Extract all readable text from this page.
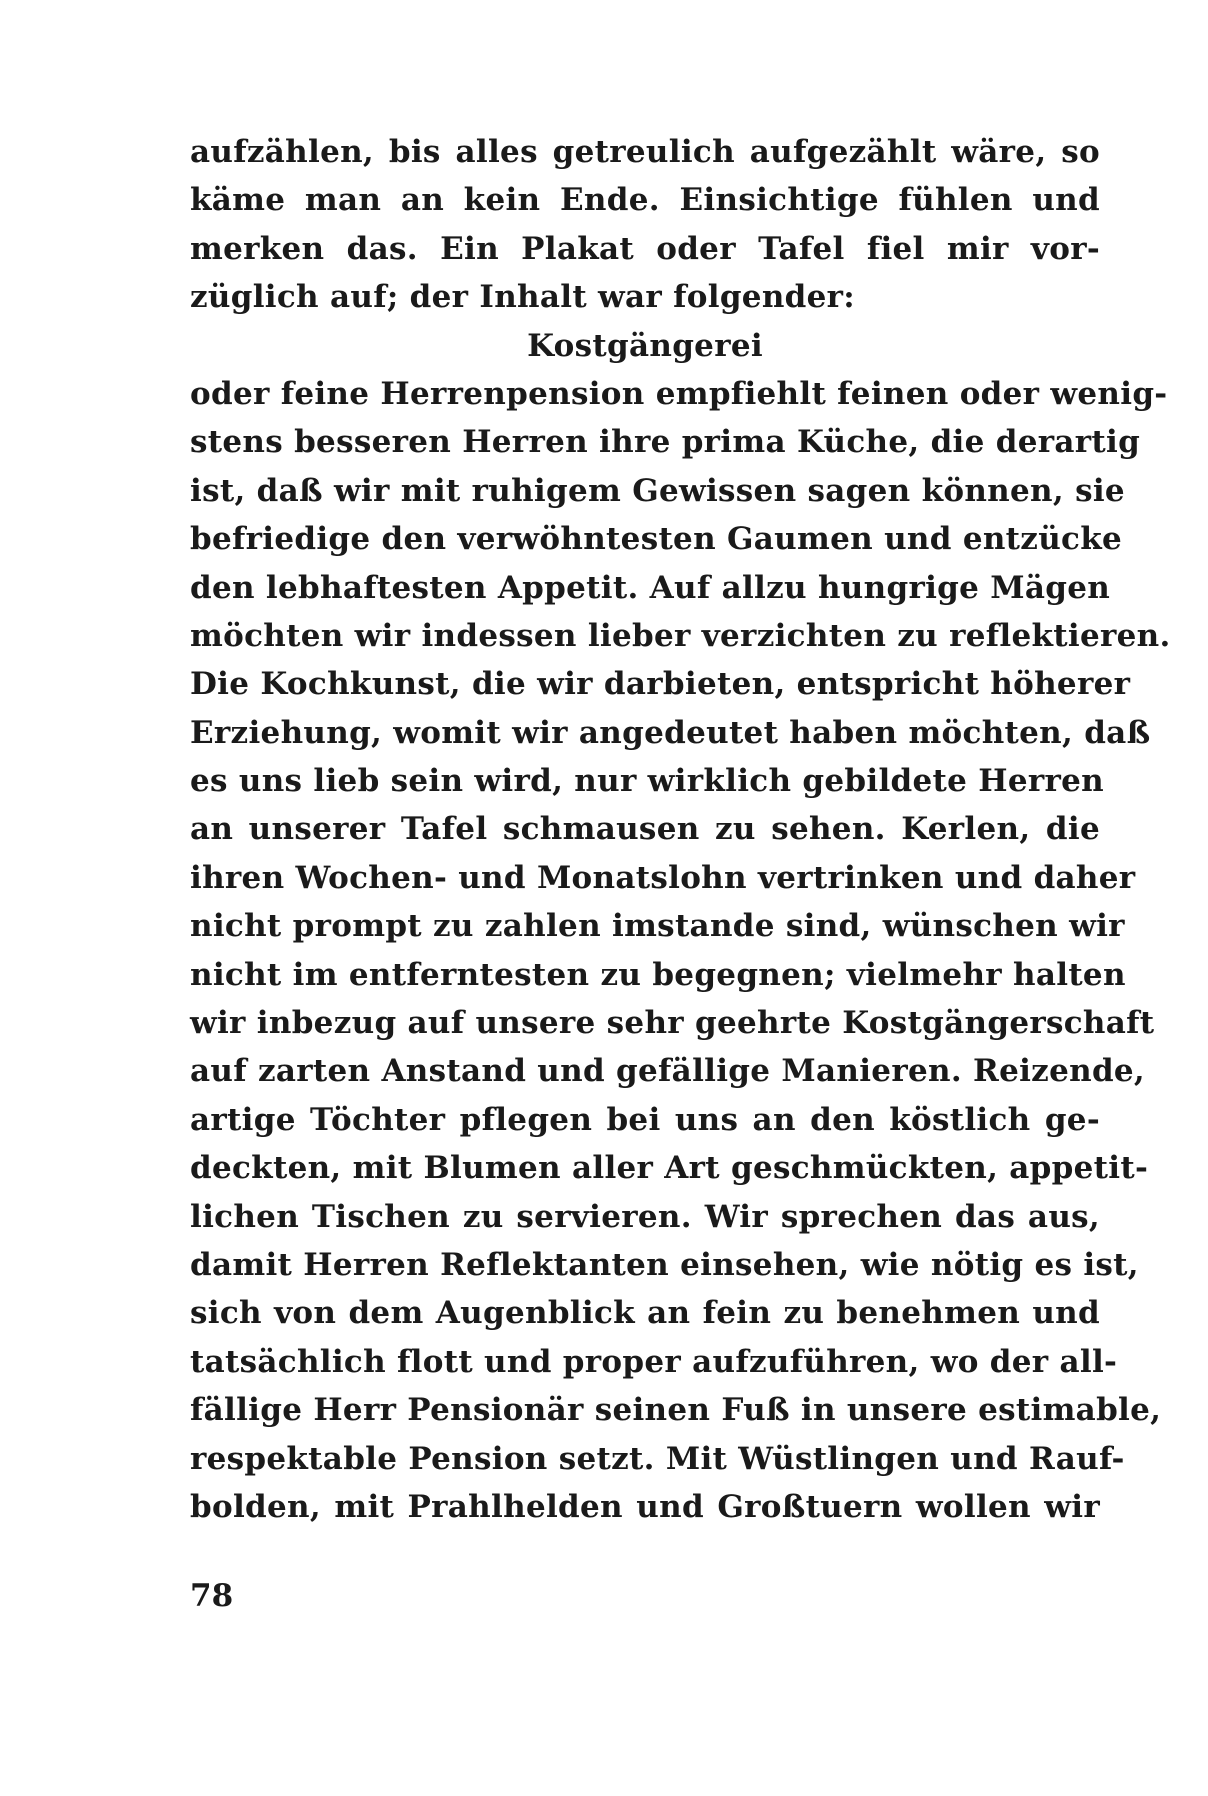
aufzählen, bis alles getreulich aufgezählt wäre, so
käme man an kein Ende. Einsichtige fühlen und
merken das. Ein Plakat oder Tafel fiel mir vor-
züglich auf; der Inhalt war folgender:
Kostgängerei
oder feine Herrenpension empfiehlt feinen oder wenig-
stens besseren Herren ihre prima Küche, die derartig
ist, daß wir mit ruhigem Gewissen sagen können, sie
befriedige den verwöhntesten Gaumen und entzücke
den lebhaftesten Appetit. Auf allzu hungrige Mägen
möchten wir indessen lieber verzichten zu reflektieren.
Die Kochkunst, die wir darbieten, entspricht höherer
Erziehung, womit wir angedeutet haben möchten, daß
es uns lieb sein wird, nur wirklich gebildete Herren
an unserer Tafel schmausen zu sehen. Kerlen, die
ihren Wochen- und Monatslohn vertrinken und daher
nicht prompt zu zahlen imstande sind, wünschen wir
nicht im entferntesten zu begegnen; vielmehr halten
wir inbezug auf unsere sehr geehrte Kostgängerschaft
auf zarten Anstand und gefällige Manieren. Reizende,
artige Töchter pflegen bei uns an den köstlich ge-
deckten, mit Blumen aller Art geschmückten, appetit-
lichen Tischen zu servieren. Wir sprechen das aus,
damit Herren Reflektanten einsehen, wie nötig es ist,
sich von dem Augenblick an fein zu benehmen und
tatsächlich flott und proper aufzuführen, wo der all-
fällige Herr Pensionär seinen Fuß in unsere estimable,
respektable Pension setzt. Mit Wüstlingen und Rauf-
bolden, mit Prahlhelden und Großtuern wollen wir
78
